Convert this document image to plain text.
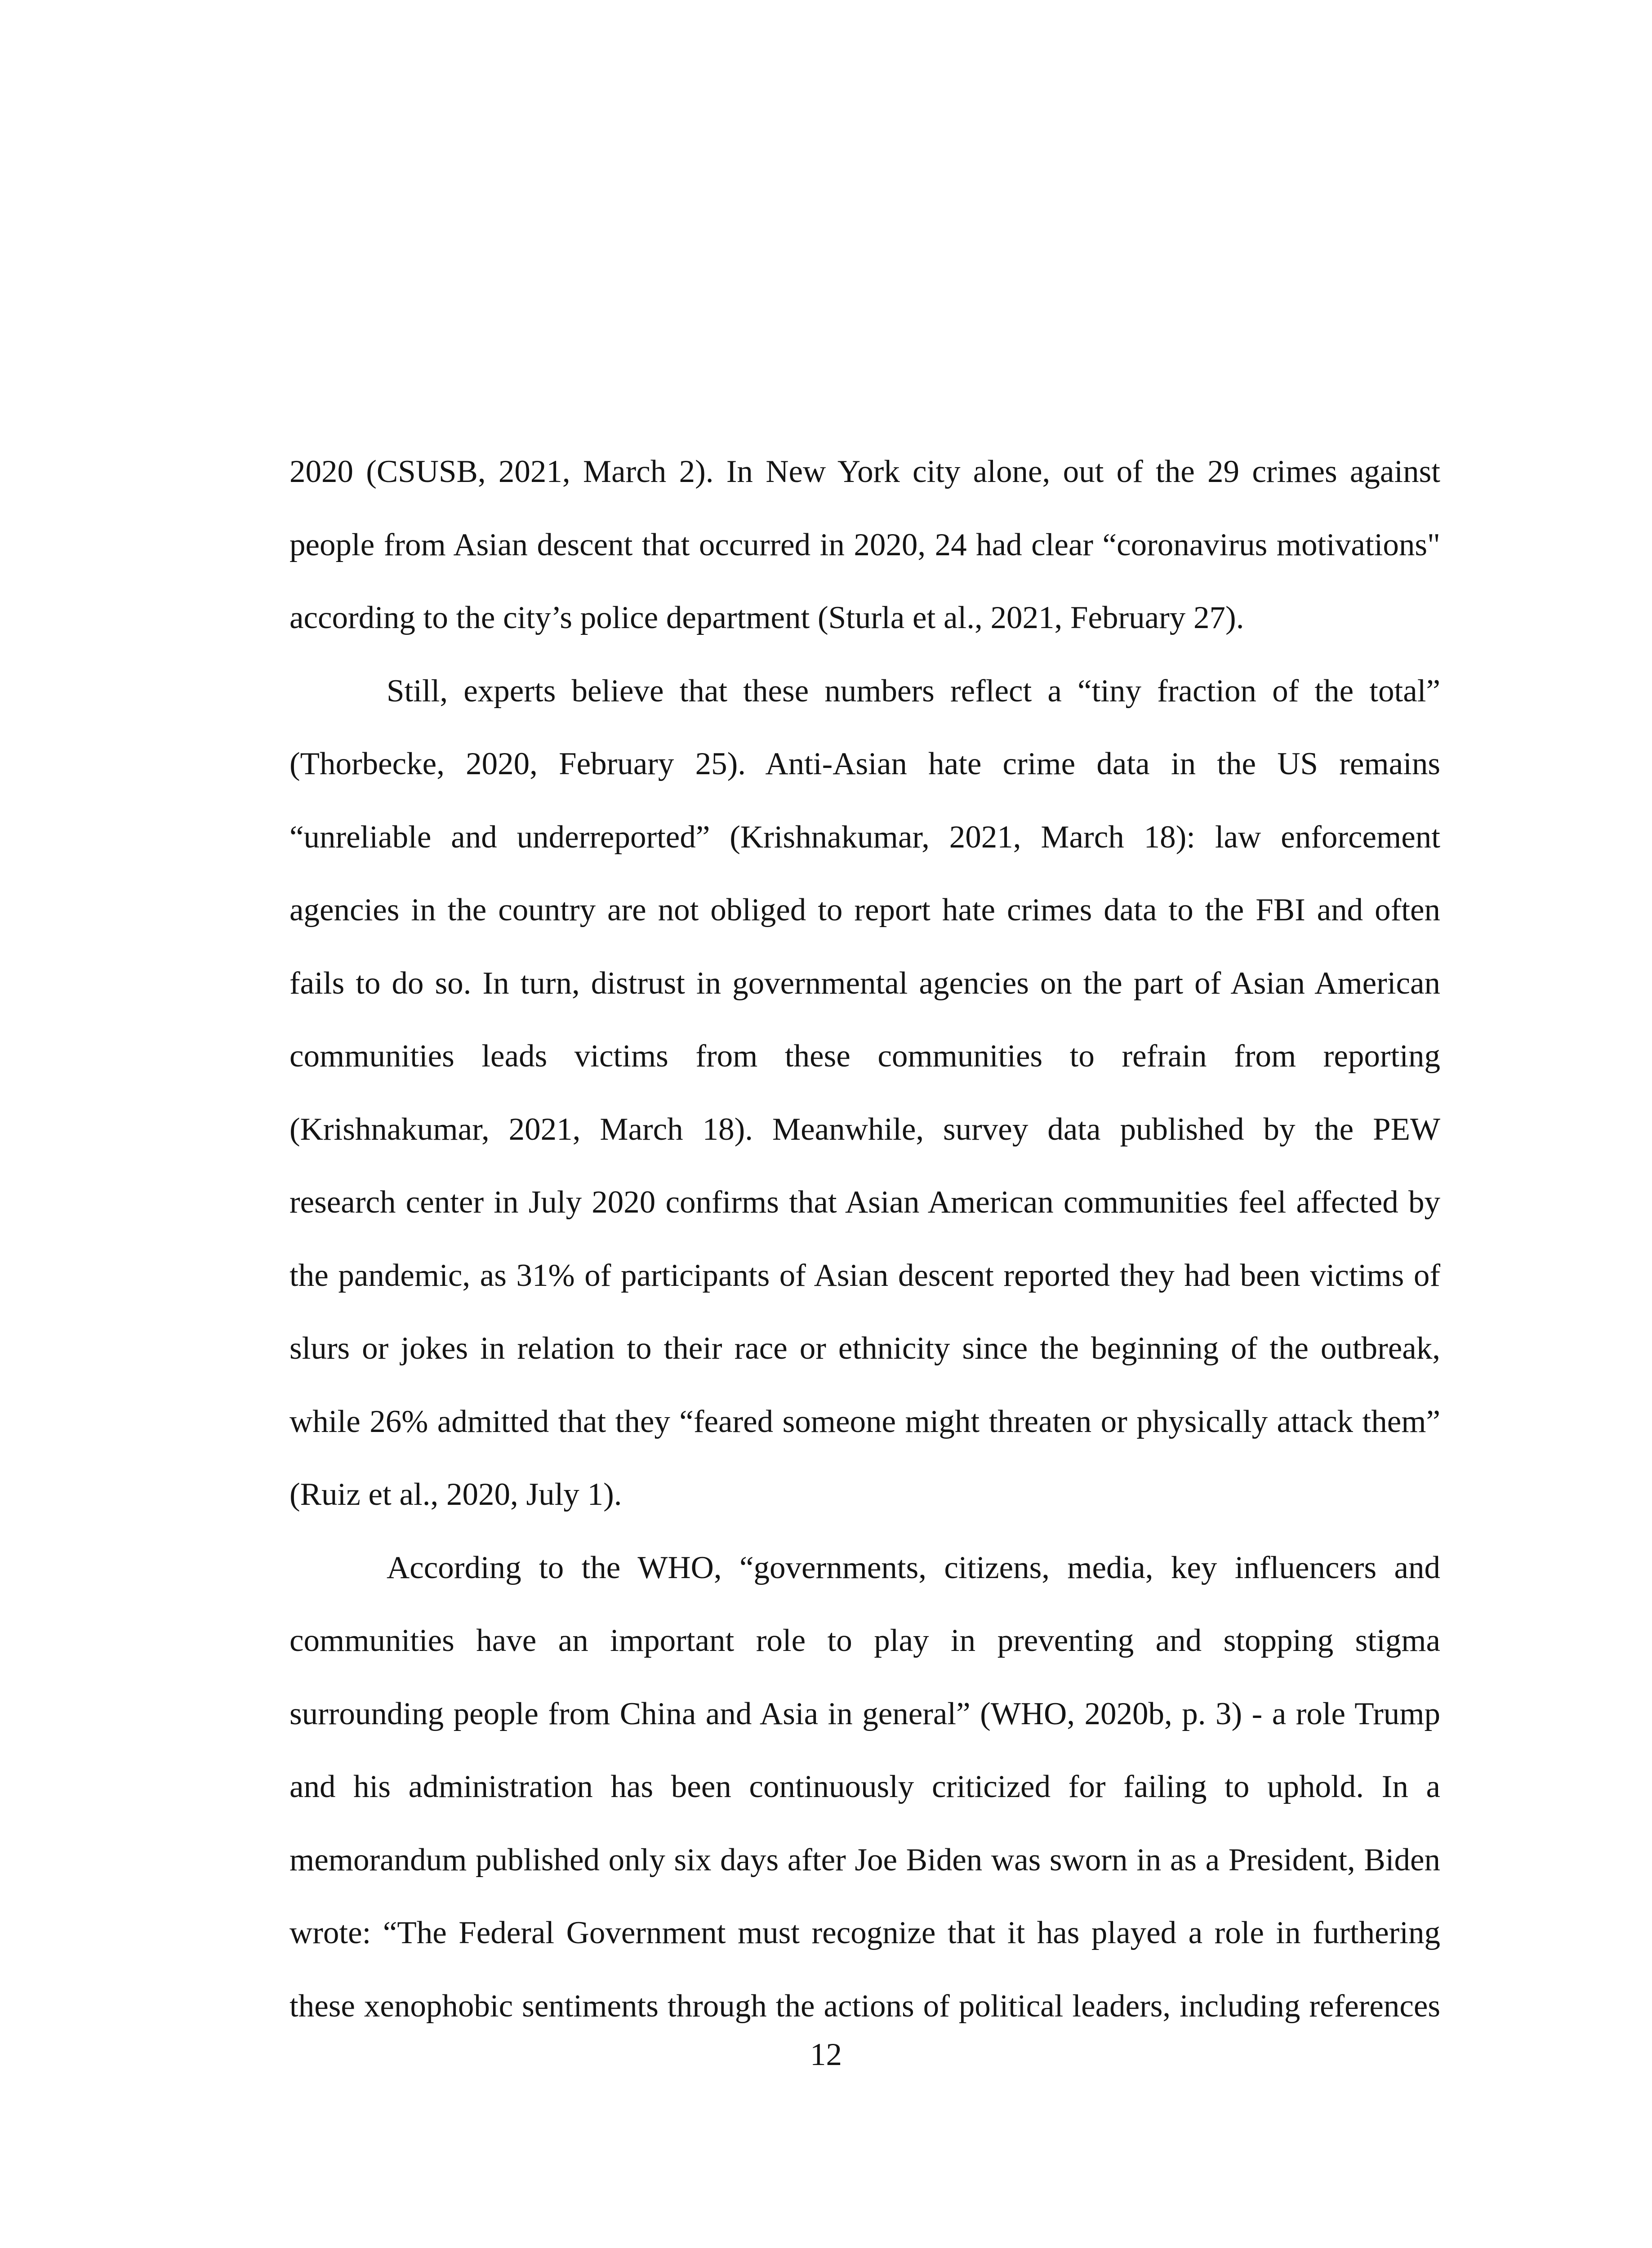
2020 (CSUSB, 2021, March 2). In New York city alone, out of the 29 crimes against
people from Asian descent that occurred in 2020, 24 had clear “coronavirus motivations"
according to the city’s police department (Sturla et al., 2021, February 27).
Still, experts believe that these numbers reflect a “tiny fraction of the total”
(Thorbecke, 2020, February 25). Anti-Asian hate crime data in the US remains
“unreliable and underreported” (Krishnakumar, 2021, March 18): law enforcement
agencies in the country are not obliged to report hate crimes data to the FBI and often
fails to do so. In turn, distrust in governmental agencies on the part of Asian American
communities leads victims from these communities to refrain from reporting
(Krishnakumar, 2021, March 18). Meanwhile, survey data published by the PEW
research center in July 2020 confirms that Asian American communities feel affected by
the pandemic, as 31% of participants of Asian descent reported they had been victims of
slurs or jokes in relation to their race or ethnicity since the beginning of the outbreak,
while 26% admitted that they “feared someone might threaten or physically attack them”
(Ruiz et al., 2020, July 1).
According to the WHO, “governments, citizens, media, key influencers and
communities have an important role to play in preventing and stopping stigma
surrounding people from China and Asia in general” (WHO, 2020b, p. 3) - a role Trump
and his administration has been continuously criticized for failing to uphold. In a
memorandum published only six days after Joe Biden was sworn in as a President, Biden
wrote: “The Federal Government must recognize that it has played a role in furthering
these xenophobic sentiments through the actions of political leaders, including references
12
